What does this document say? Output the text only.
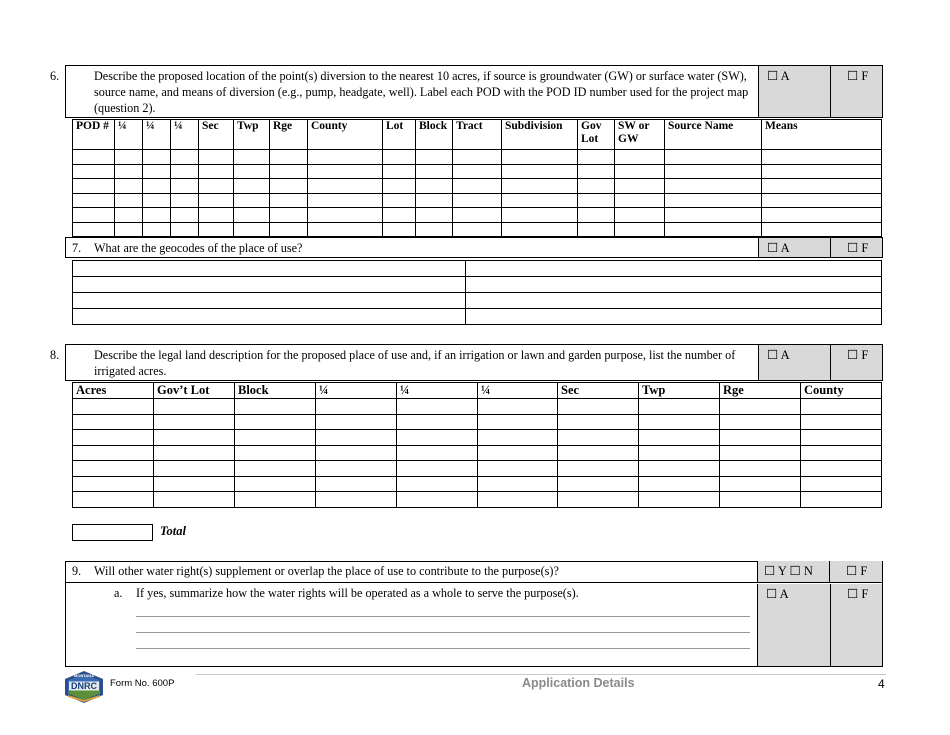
6.	Describe the proposed location of the point(s) diversion to the nearest 10 acres, if source is groundwater (GW) or surface water (SW), source name, and means of diversion (e.g., pump, headgate, well). Label each POD with the POD ID number used for the project map (question 2).
☐ A	☐ F
POD #	¼	¼	¼	Sec	Twp	Rge	County	Lot	Block	Tract	Subdivision	Gov Lot	SW or GW	Source Name	Means

7. What are the geocodes of the place of use?	☐ A	☐ F

8.	Describe the legal land description for the proposed place of use and, if an irrigation or lawn and garden purpose, list the number of irrigated acres.
☐ A	☐ F
Acres	Gov’t Lot	Block	¼	¼	¼	Sec	Twp	Rge	County

Total
9. Will other water right(s) supplement or overlap the place of use to contribute to the purpose(s)?	☐ Y ☐ N	☐ F
☐ A	☐ F
a. If yes, summarize how the water rights will be operated as a whole to serve the purpose(s).
MONTANA
DNRC	Form No. 600P	Application Details	4
